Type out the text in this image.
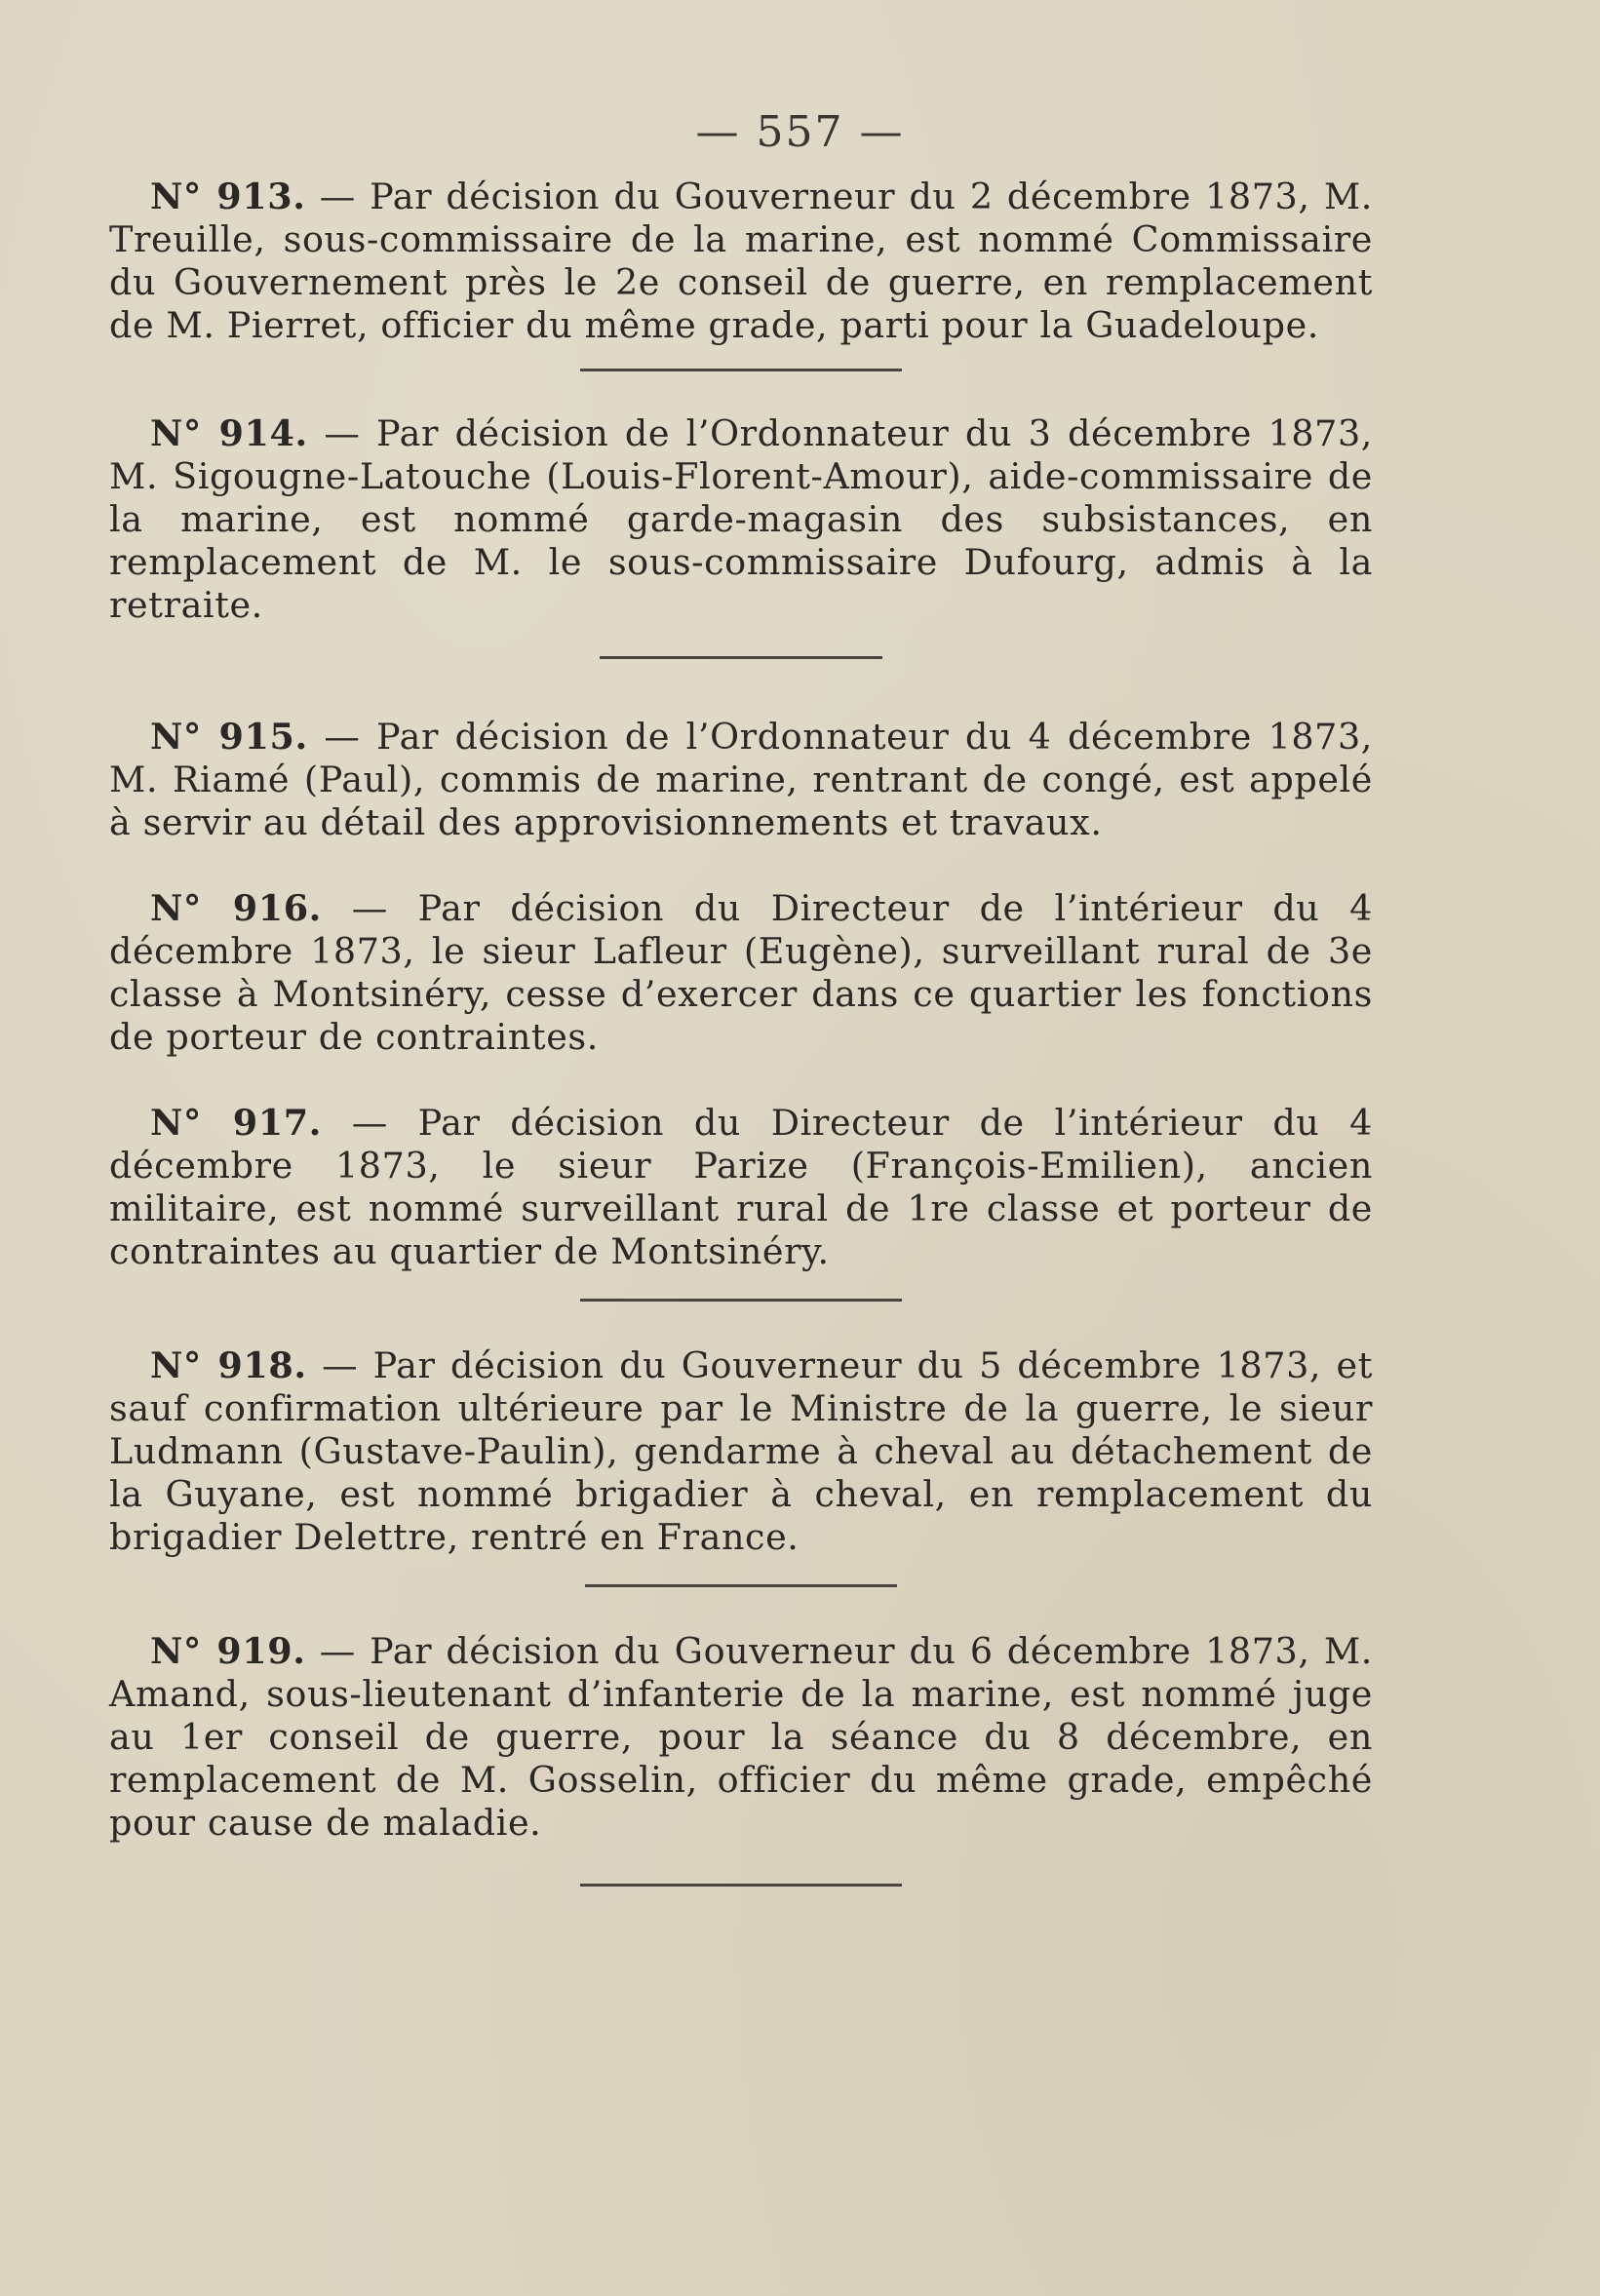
— 557 —

N° 913. — Par décision du Gouverneur du 2 décembre 1873, M. Treuille, sous-commissaire de la marine, est nommé Commissaire du Gouvernement près le 2e conseil de guerre, en remplacement de M. Pierret, officier du même grade, parti pour la Guadeloupe.

N° 914. — Par décision de l’Ordonnateur du 3 décembre 1873, M. Sigougne-Latouche (Louis-Florent-Amour), aide-commissaire de la marine, est nommé garde-magasin des subsistances, en remplacement de M. le sous-commissaire Dufourg, admis à la retraite.

N° 915. — Par décision de l’Ordonnateur du 4 décembre 1873, M. Riamé (Paul), commis de marine, rentrant de congé, est appelé à servir au détail des approvisionnements et travaux.

N° 916. — Par décision du Directeur de l’intérieur du 4 décembre 1873, le sieur Lafleur (Eugène), surveillant rural de 3e classe à Montsinéry, cesse d’exercer dans ce quartier les fonctions de porteur de contraintes.

N° 917. — Par décision du Directeur de l’intérieur du 4 décembre 1873, le sieur Parize (François-Emilien), ancien militaire, est nommé surveillant rural de 1re classe et porteur de contraintes au quartier de Montsinéry.

N° 918. — Par décision du Gouverneur du 5 décembre 1873, et sauf confirmation ultérieure par le Ministre de la guerre, le sieur Ludmann (Gustave-Paulin), gendarme à cheval au détachement de la Guyane, est nommé brigadier à cheval, en remplacement du brigadier Delettre, rentré en France.

N° 919. — Par décision du Gouverneur du 6 décembre 1873, M. Amand, sous-lieutenant d’infanterie de la marine, est nommé juge au 1er conseil de guerre, pour la séance du 8 décembre, en remplacement de M. Gosselin, officier du même grade, empêché pour cause de maladie.
